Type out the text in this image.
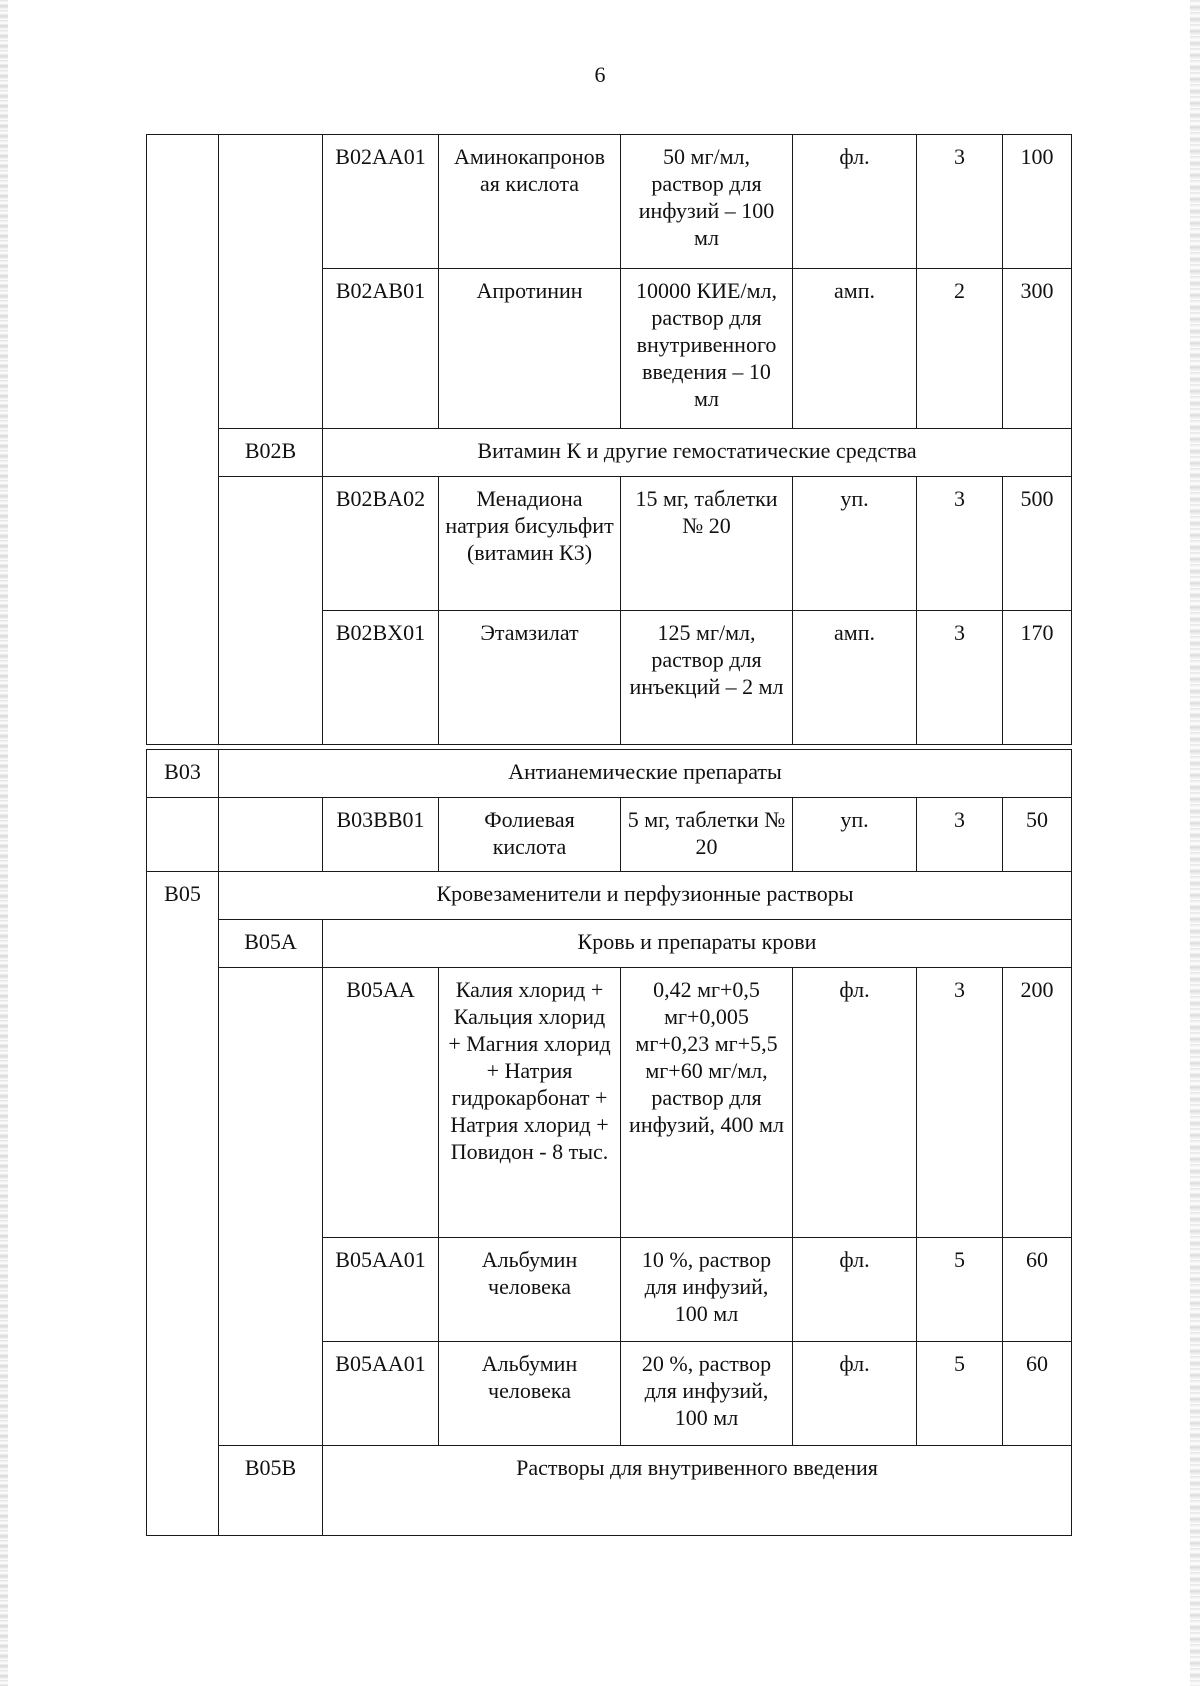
6
		B02AA01	Аминокапронов ая кислота	50 мг/мл, раствор для инфузий – 100 мл	фл.	3	100
		B02AB01	Апротинин	10000 КИЕ/мл, раствор для внутривенного введения – 10 мл	амп.	2	300
	B02B	Витамин К и другие гемостатические средства					
		B02BA02	Менадиона натрия бисульфит (витамин К3)	15 мг, таблетки № 20	уп.	3	500
		B02BX01	Этамзилат	125 мг/мл, раствор для инъекций – 2 мл	амп.	3	170
B03	Антианемические препараты						
		B03BB01	Фолиевая кислота	5 мг, таблетки № 20	уп.	3	50
B05	Кровезаменители и перфузионные растворы						
	B05A	Кровь и препараты крови					
		B05AA	Калия хлорид + Кальция хлорид + Магния хлорид + Натрия гидрокарбонат + Натрия хлорид + Повидон - 8 тыс.	0,42 мг+0,5 мг+0,005 мг+0,23 мг+5,5 мг+60 мг/мл, раствор для инфузий, 400 мл	фл.	3	200
		B05AA01	Альбумин человека	10 %, раствор для инфузий, 100 мл	фл.	5	60
		B05AA01	Альбумин человека	20 %, раствор для инфузий, 100 мл	фл.	5	60
	B05B	Растворы для внутривенного введения					
